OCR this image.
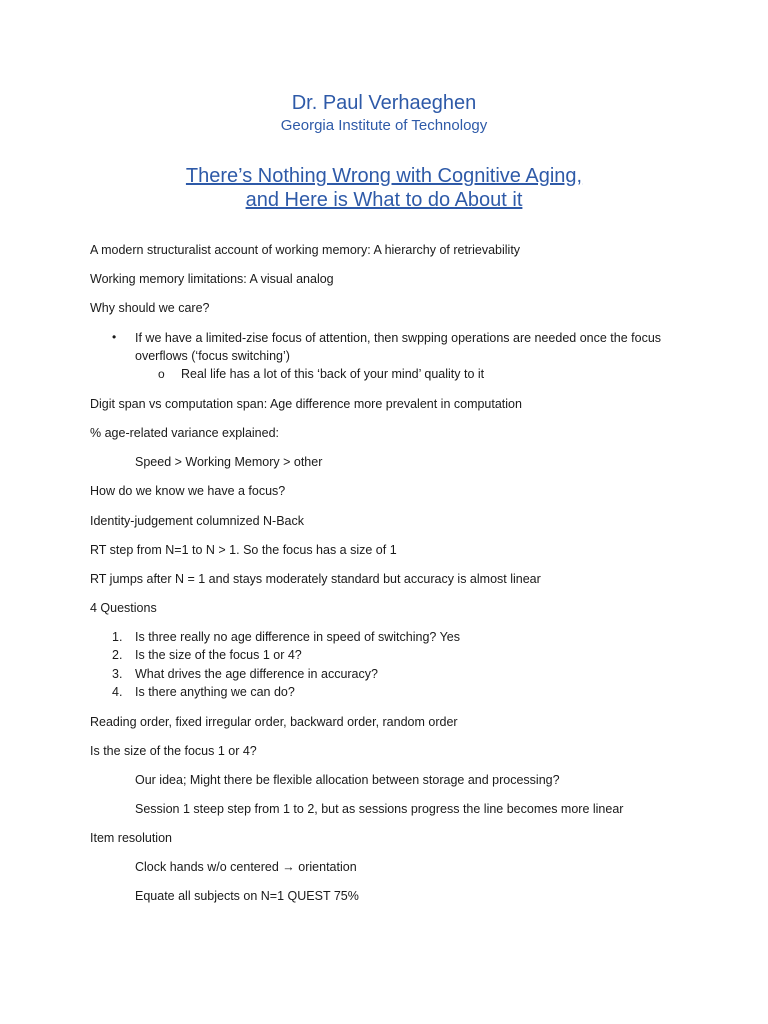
Dr. Paul Verhaeghen
Georgia Institute of Technology
There’s Nothing Wrong with Cognitive Aging,
and Here is What to do About it
A modern structuralist account of working memory: A hierarchy of retrievability
Working memory limitations: A visual analog
Why should we care?
• If we have a limited-zise focus of attention, then swpping operations are needed once the focus overflows (‘focus switching’)
o Real life has a lot of this ‘back of your mind’ quality to it
Digit span vs computation span: Age difference more prevalent in computation
% age-related variance explained:
Speed > Working Memory > other
How do we know we have a focus?
Identity-judgement columnized N-Back
RT step from N=1 to N > 1. So the focus has a size of 1
RT jumps after N = 1 and stays moderately standard but accuracy is almost linear
4 Questions
1. Is three really no age difference in speed of switching? Yes
2. Is the size of the focus 1 or 4?
3. What drives the age difference in accuracy?
4. Is there anything we can do?
Reading order, fixed irregular order, backward order, random order
Is the size of the focus 1 or 4?
Our idea; Might there be flexible allocation between storage and processing?
Session 1 steep step from 1 to 2, but as sessions progress the line becomes more linear
Item resolution
Clock hands w/o centered → orientation
Equate all subjects on N=1 QUEST 75%
